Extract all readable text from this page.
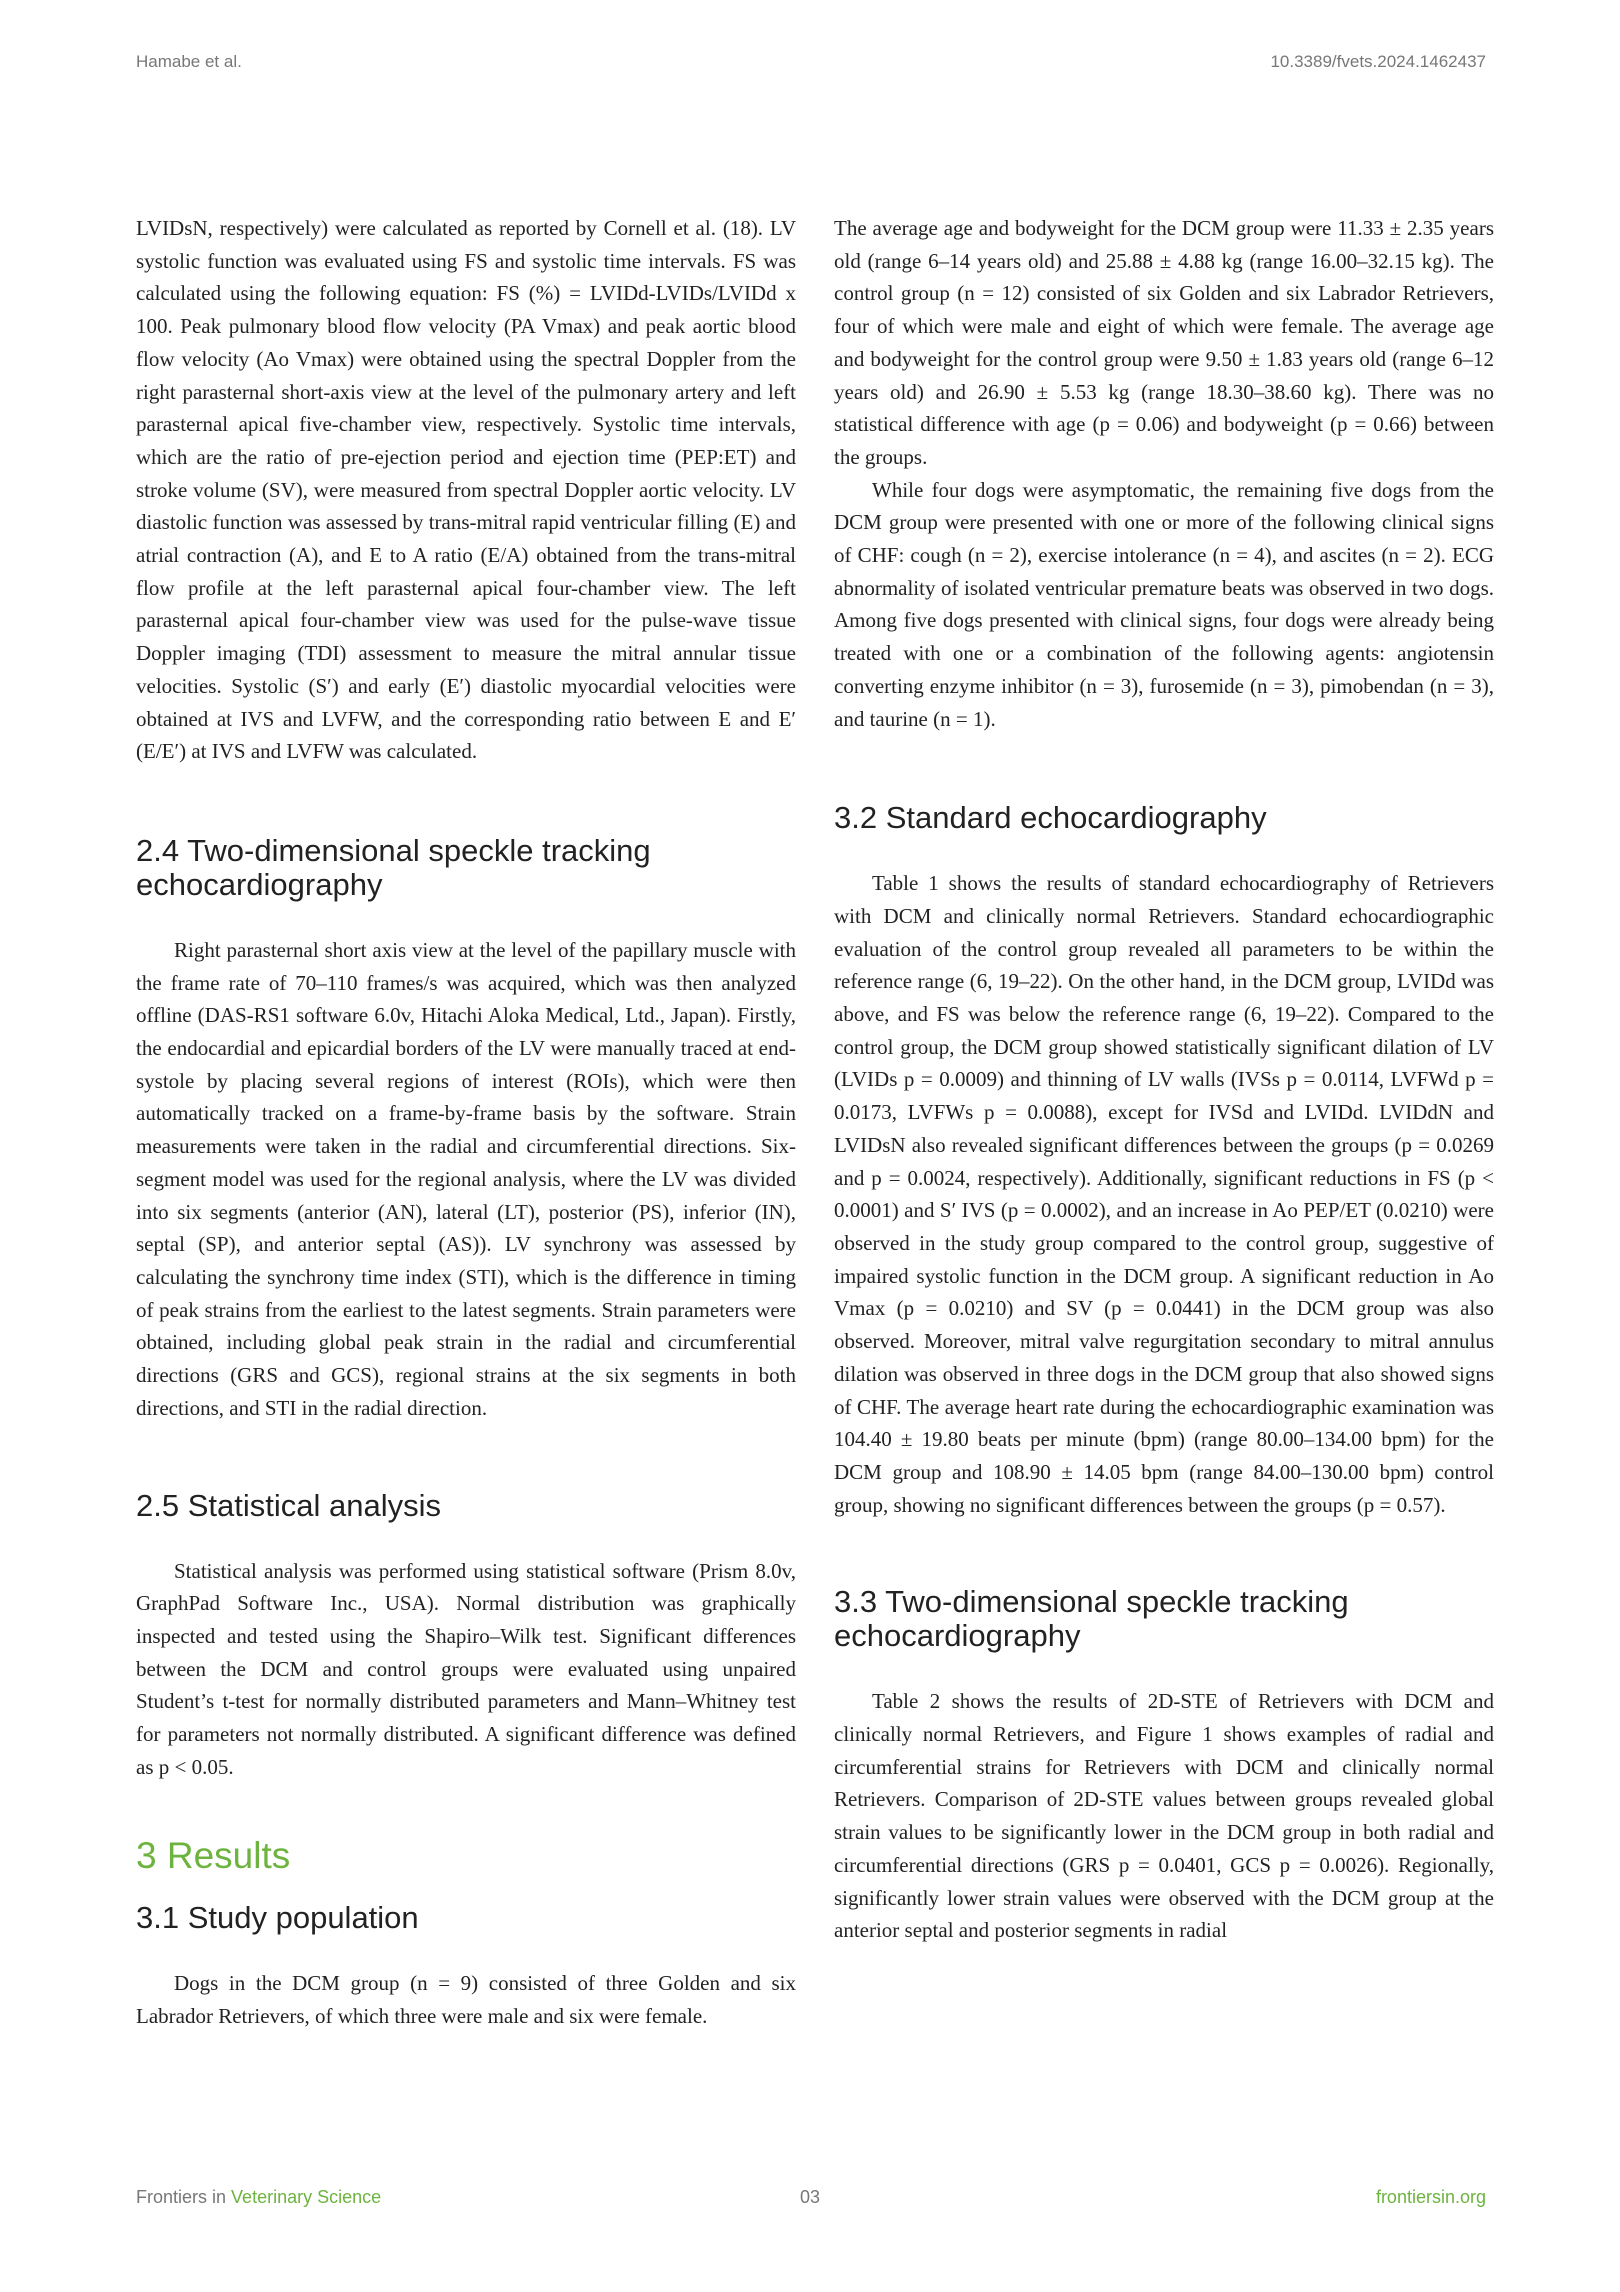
Hamabe et al.	10.3389/fvets.2024.1462437

LVIDsN, respectively) were calculated as reported by Cornell et al. (18). LV systolic function was evaluated using FS and systolic time intervals. FS was calculated using the following equation: FS (%) = LVIDd-LVIDs/LVIDd x 100. Peak pulmonary blood flow velocity (PA Vmax) and peak aortic blood flow velocity (Ao Vmax) were obtained using the spectral Doppler from the right parasternal short-axis view at the level of the pulmonary artery and left parasternal apical five-chamber view, respectively. Systolic time intervals, which are the ratio of pre-ejection period and ejection time (PEP:ET) and stroke volume (SV), were measured from spectral Doppler aortic velocity. LV diastolic function was assessed by trans-mitral rapid ventricular filling (E) and atrial contraction (A), and E to A ratio (E/A) obtained from the trans-mitral flow profile at the left parasternal apical four-chamber view. The left parasternal apical four-chamber view was used for the pulse-wave tissue Doppler imaging (TDI) assessment to measure the mitral annular tissue velocities. Systolic (S′) and early (E′) diastolic myocardial velocities were obtained at IVS and LVFW, and the corresponding ratio between E and E′ (E/E′) at IVS and LVFW was calculated.

2.4 Two-dimensional speckle tracking echocardiography

Right parasternal short axis view at the level of the papillary muscle with the frame rate of 70–110 frames/s was acquired, which was then analyzed offline (DAS-RS1 software 6.0v, Hitachi Aloka Medical, Ltd., Japan). Firstly, the endocardial and epicardial borders of the LV were manually traced at end-systole by placing several regions of interest (ROIs), which were then automatically tracked on a frame-by-frame basis by the software. Strain measurements were taken in the radial and circumferential directions. Six-segment model was used for the regional analysis, where the LV was divided into six segments (anterior (AN), lateral (LT), posterior (PS), inferior (IN), septal (SP), and anterior septal (AS)). LV synchrony was assessed by calculating the synchrony time index (STI), which is the difference in timing of peak strains from the earliest to the latest segments. Strain parameters were obtained, including global peak strain in the radial and circumferential directions (GRS and GCS), regional strains at the six segments in both directions, and STI in the radial direction.

2.5 Statistical analysis

Statistical analysis was performed using statistical software (Prism 8.0v, GraphPad Software Inc., USA). Normal distribution was graphically inspected and tested using the Shapiro–Wilk test. Significant differences between the DCM and control groups were evaluated using unpaired Student’s t-test for normally distributed parameters and Mann–Whitney test for parameters not normally distributed. A significant difference was defined as p < 0.05.

3 Results
3.1 Study population

Dogs in the DCM group (n = 9) consisted of three Golden and six Labrador Retrievers, of which three were male and six were female.

The average age and bodyweight for the DCM group were 11.33 ± 2.35 years old (range 6–14 years old) and 25.88 ± 4.88 kg (range 16.00–32.15 kg). The control group (n = 12) consisted of six Golden and six Labrador Retrievers, four of which were male and eight of which were female. The average age and bodyweight for the control group were 9.50 ± 1.83 years old (range 6–12 years old) and 26.90 ± 5.53 kg (range 18.30–38.60 kg). There was no statistical difference with age (p = 0.06) and bodyweight (p = 0.66) between the groups.

While four dogs were asymptomatic, the remaining five dogs from the DCM group were presented with one or more of the following clinical signs of CHF: cough (n = 2), exercise intolerance (n = 4), and ascites (n = 2). ECG abnormality of isolated ventricular premature beats was observed in two dogs. Among five dogs presented with clinical signs, four dogs were already being treated with one or a combination of the following agents: angiotensin converting enzyme inhibitor (n = 3), furosemide (n = 3), pimobendan (n = 3), and taurine (n = 1).

3.2 Standard echocardiography

Table 1 shows the results of standard echocardiography of Retrievers with DCM and clinically normal Retrievers. Standard echocardiographic evaluation of the control group revealed all parameters to be within the reference range (6, 19–22). On the other hand, in the DCM group, LVIDd was above, and FS was below the reference range (6, 19–22). Compared to the control group, the DCM group showed statistically significant dilation of LV (LVIDs p = 0.0009) and thinning of LV walls (IVSs p = 0.0114, LVFWd p = 0.0173, LVFWs p = 0.0088), except for IVSd and LVIDd. LVIDdN and LVIDsN also revealed significant differences between the groups (p = 0.0269 and p = 0.0024, respectively). Additionally, significant reductions in FS (p < 0.0001) and S′ IVS (p = 0.0002), and an increase in Ao PEP/ET (0.0210) were observed in the study group compared to the control group, suggestive of impaired systolic function in the DCM group. A significant reduction in Ao Vmax (p = 0.0210) and SV (p = 0.0441) in the DCM group was also observed. Moreover, mitral valve regurgitation secondary to mitral annulus dilation was observed in three dogs in the DCM group that also showed signs of CHF. The average heart rate during the echocardiographic examination was 104.40 ± 19.80 beats per minute (bpm) (range 80.00–134.00 bpm) for the DCM group and 108.90 ± 14.05 bpm (range 84.00–130.00 bpm) control group, showing no significant differences between the groups (p = 0.57).

3.3 Two-dimensional speckle tracking echocardiography

Table 2 shows the results of 2D-STE of Retrievers with DCM and clinically normal Retrievers, and Figure 1 shows examples of radial and circumferential strains for Retrievers with DCM and clinically normal Retrievers. Comparison of 2D-STE values between groups revealed global strain values to be significantly lower in the DCM group in both radial and circumferential directions (GRS p = 0.0401, GCS p = 0.0026). Regionally, significantly lower strain values were observed with the DCM group at the anterior septal and posterior segments in radial

Frontiers in Veterinary Science	03	frontiersin.org
